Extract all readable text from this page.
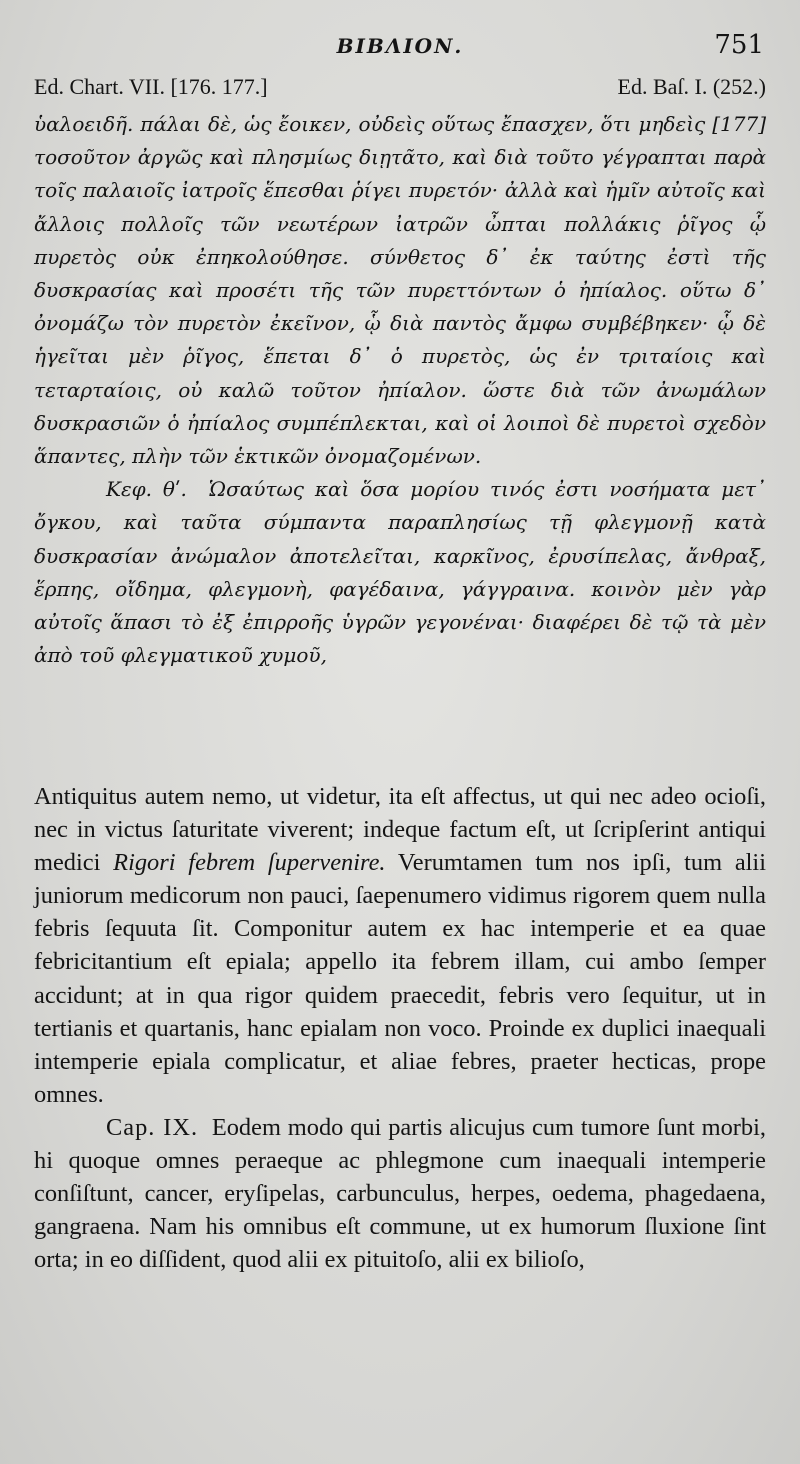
BIBΛΙΟΝ.	751
Ed. Chart. VII. [176. 177.]	Ed. Baſ. I. (252.)

ὑαλοειδῆ. πάλαι δὲ, ὡς ἔοικεν, οὐδεὶς οὕτως ἔπασχεν, ὅτι μηδεὶς [177] τοσοῦτον ἀργῶς καὶ πλησμίως διῃτᾶτο, καὶ διὰ τοῦτο γέγραπται παρὰ τοῖς παλαιοῖς ἰατροῖς ἕπεσθαι ῥίγει πυρετόν· ἀλλὰ καὶ ἡμῖν αὐτοῖς καὶ ἄλλοις πολλοῖς τῶν νεωτέρων ἰατρῶν ὦπται πολλάκις ῥῖγος ᾧ πυρετὸς οὐκ ἐπηκολούθησε. σύνθετος δ᾽ ἐκ ταύτης ἐστὶ τῆς δυσκρασίας καὶ προσέτι τῆς τῶν πυρεττόντων ὁ ἠπίαλος. οὕτω δ᾽ ὀνομάζω τὸν πυρετὸν ἐκεῖνον, ᾧ διὰ παντὸς ἄμφω συμβέβηκεν· ᾧ δὲ ἡγεῖται μὲν ῥῖγος, ἕπεται δ᾽ ὁ πυρετὸς, ὡς ἐν τριταίοις καὶ τεταρταίοις, οὐ καλῶ τοῦτον ἠπίαλον. ὥστε διὰ τῶν ἀνωμάλων δυσκρασιῶν ὁ ἠπίαλος συμπέπλεκται, καὶ οἱ λοιποὶ δὲ πυρετοὶ σχεδὸν ἅπαντες, πλὴν τῶν ἑκτικῶν ὀνομαζομένων.

Κεφ. θʹ. Ὡσαύτως καὶ ὅσα μορίου τινός ἐστι νοσήματα μετ᾽ ὄγκου, καὶ ταῦτα σύμπαντα παραπλησίως τῇ φλεγμονῇ κατὰ δυσκρασίαν ἀνώμαλον ἀποτελεῖται, καρκῖνος, ἐρυσίπελας, ἄνθραξ, ἕρπης, οἴδημα, φλεγμονὴ, φαγέδαινα, γάγγραινα. κοινὸν μὲν γὰρ αὐτοῖς ἅπασι τὸ ἐξ ἐπιρροῆς ὑγρῶν γεγονέναι· διαφέρει δὲ τῷ τὰ μὲν ἀπὸ τοῦ φλεγματικοῦ χυμοῦ,

Antiquitus autem nemo, ut videtur, ita eſt affectus, ut qui nec adeo ocioſi, nec in victus ſaturitate viverent; indeque factum eſt, ut ſcripſerint antiqui medici Rigori febrem ſupervenire. Verumtamen tum nos ipſi, tum alii juniorum medicorum non pauci, ſaepenumero vidimus rigorem quem nulla febris ſequuta ſit. Componitur autem ex hac intemperie et ea quae febricitantium eſt epiala; appello ita febrem illam, cui ambo ſemper accidunt; at in qua rigor quidem praecedit, febris vero ſequitur, ut in tertianis et quartanis, hanc epialam non voco. Proinde ex duplici inaequali intemperie epiala complicatur, et aliae febres, praeter hecticas, prope omnes.

Cap. IX. Eodem modo qui partis alicujus cum tumore ſunt morbi, hi quoque omnes peraeque ac phlegmone cum inaequali intemperie conſiſtunt, cancer, eryſipelas, carbunculus, herpes, oedema, phagedaena, gangraena. Nam his omnibus eſt commune, ut ex humorum ſluxione ſint orta; in eo diſſident, quod alii ex pituitoſo, alii ex bilioſo,
